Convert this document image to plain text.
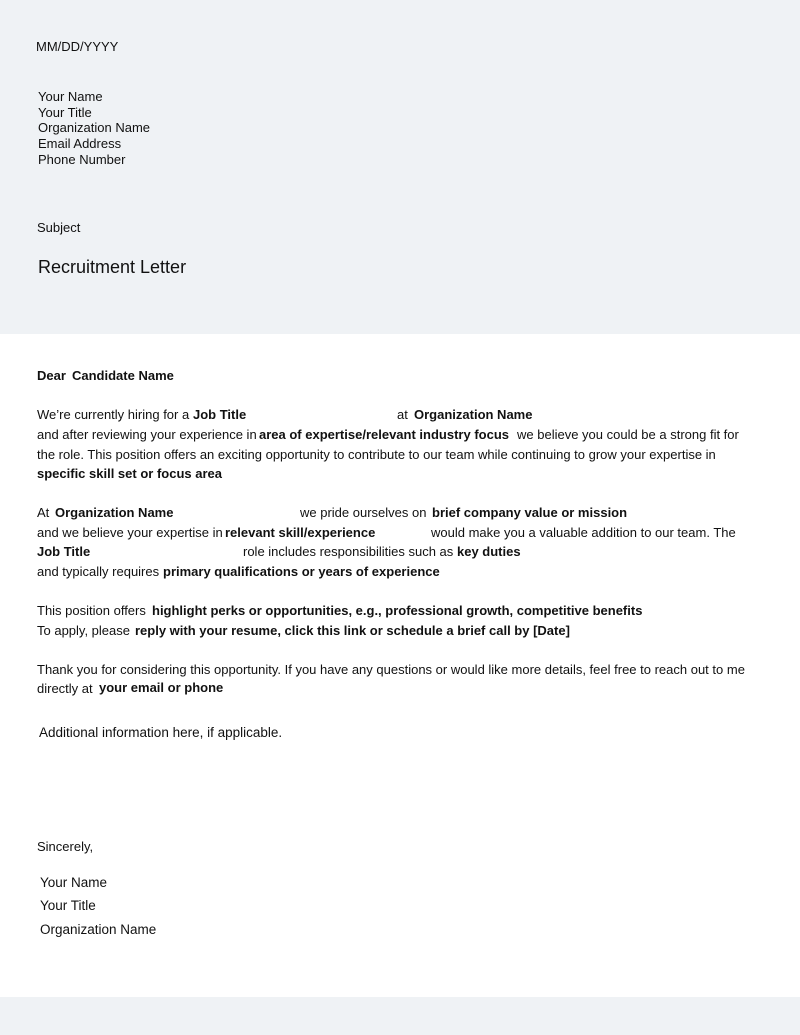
MM/DD/YYYY
Your Name
Your Title
Organization Name
Email Address
Phone Number
Subject
Recruitment Letter
Dear Candidate Name
We’re currently hiring for a Job Title	at Organization Name
and after reviewing your experience in area of expertise/relevant industry focus we believe you could be a strong fit for
the role. This position offers an exciting opportunity to contribute to our team while continuing to grow your expertise in
specific skill set or focus area
At Organization Name	we pride ourselves on brief company value or mission
and we believe your expertise in relevant skill/experience	would make you a valuable addition to our team. The
Job Title	role includes responsibilities such as key duties
and typically requires primary qualifications or years of experience
This position offers highlight perks or opportunities, e.g., professional growth, competitive benefits
To apply, please reply with your resume, click this link or schedule a brief call by [Date]
Thank you for considering this opportunity. If you have any questions or would like more details, feel free to reach out to me
directly at your email or phone
Additional information here, if applicable.
Sincerely,
Your Name
Your Title
Organization Name
